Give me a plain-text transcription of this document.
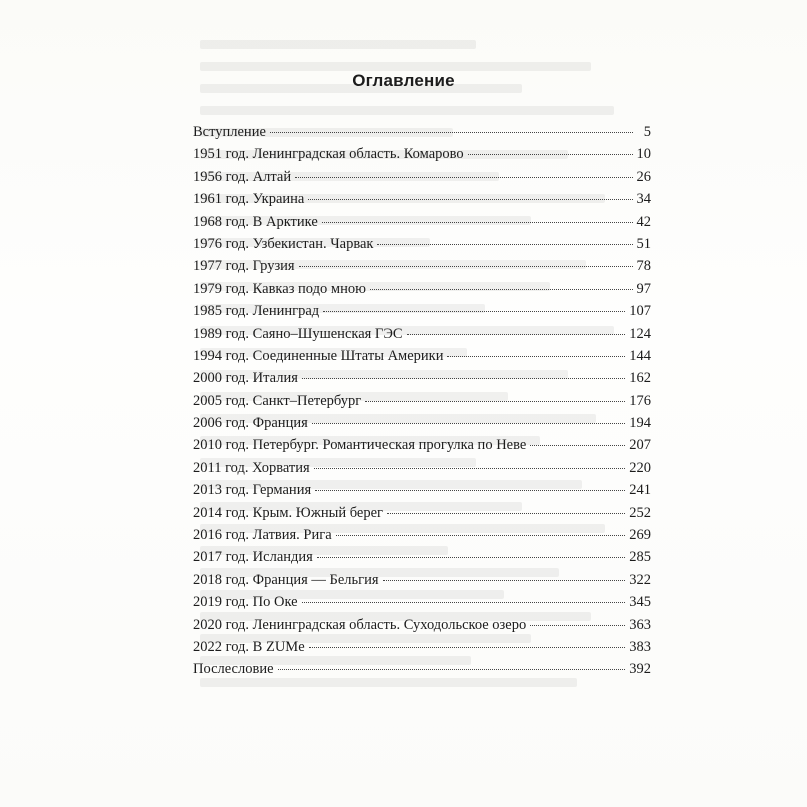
Оглавление
Вступление	5
1951 год. Ленинградская область. Комарово	10
1956 год. Алтай	26
1961 год. Украина	34
1968 год. В Арктике	42
1976 год. Узбекистан. Чарвак	51
1977 год. Грузия	78
1979 год. Кавказ подо мною	97
1985 год. Ленинград	107
1989 год. Саяно–Шушенская ГЭС	124
1994 год. Соединенные Штаты Америки	144
2000 год. Италия	162
2005 год. Санкт–Петербург	176
2006 год. Франция	194
2010 год. Петербург. Романтическая прогулка по Неве	207
2011 год. Хорватия	220
2013 год. Германия	241
2014 год. Крым. Южный берег	252
2016 год. Латвия. Рига	269
2017 год. Исландия	285
2018 год. Франция — Бельгия	322
2019 год. По Оке	345
2020 год. Ленинградская область. Суходольское озеро	363
2022 год. В ZUMe	383
Послесловие	392
